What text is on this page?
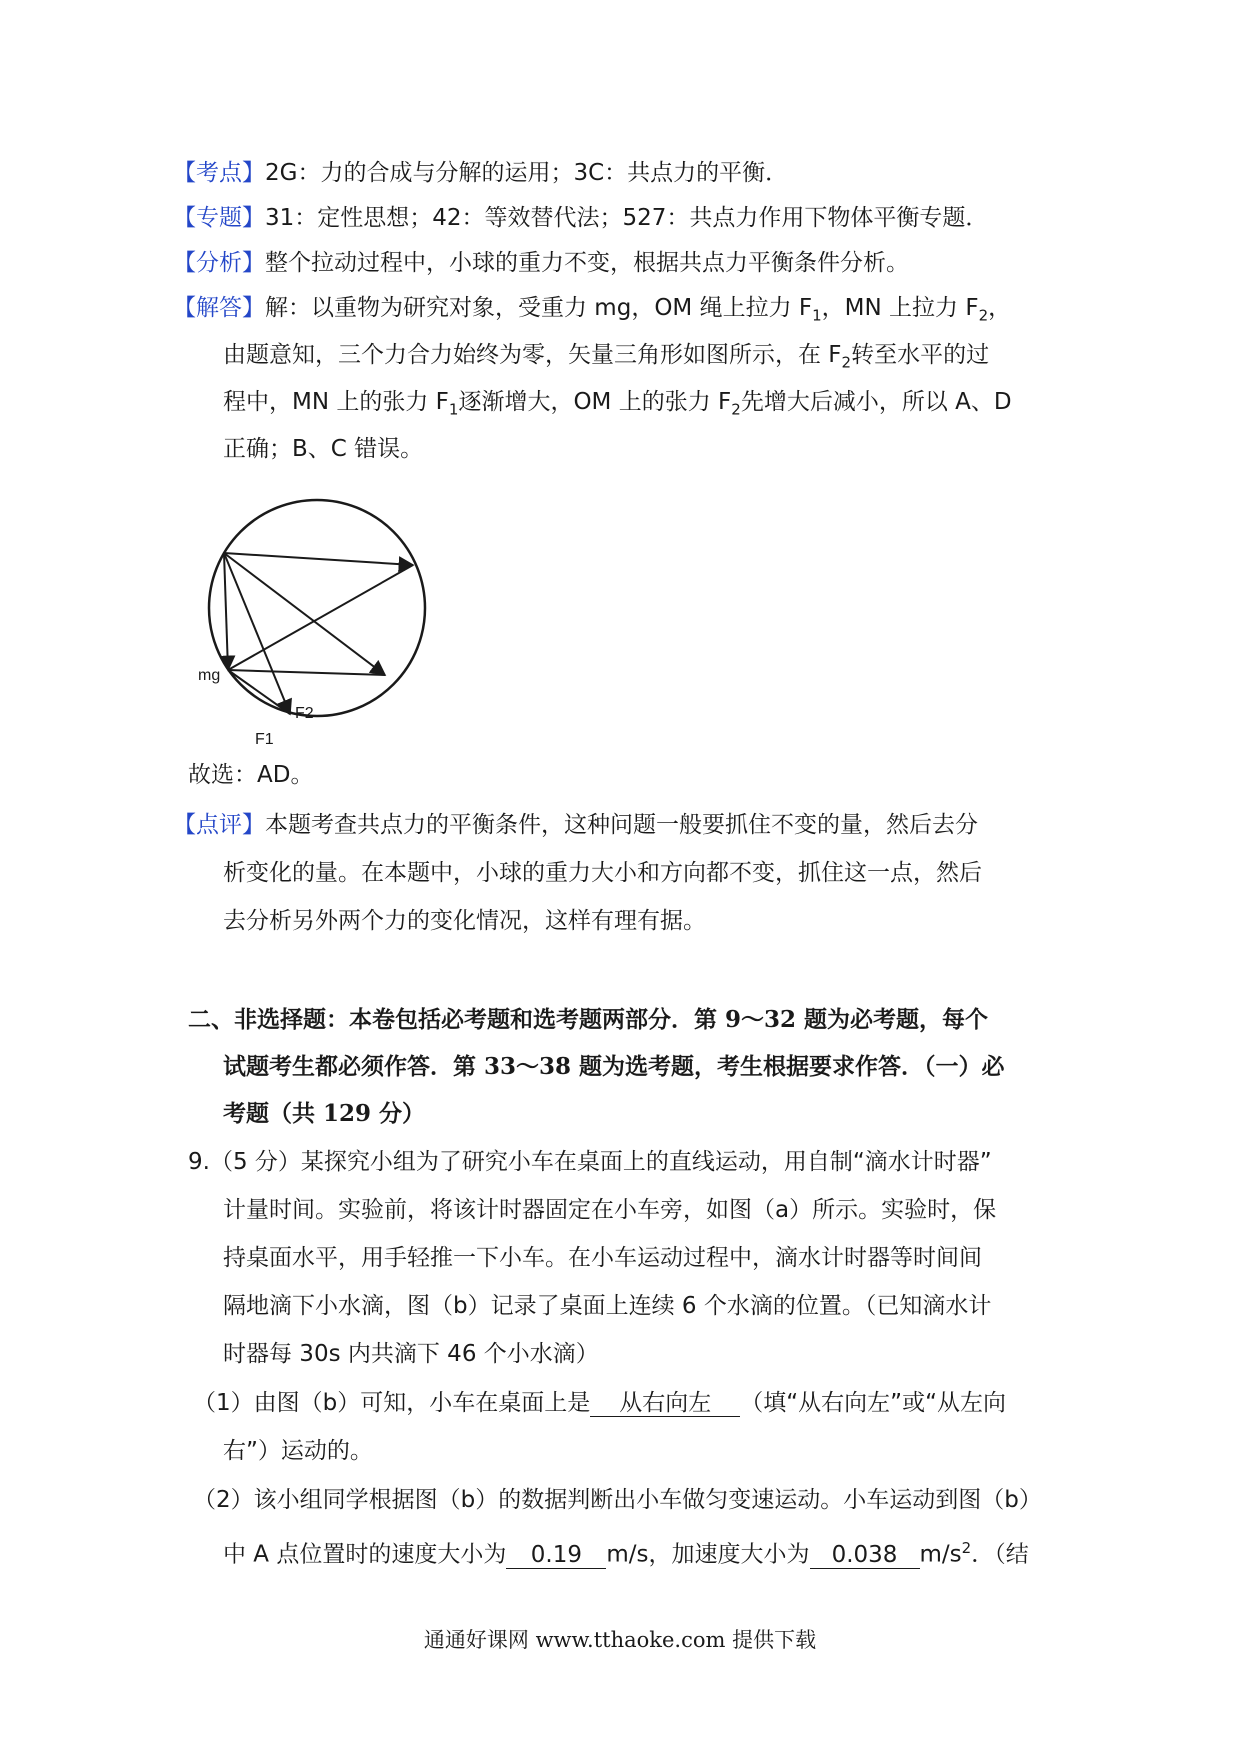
【考点】2G：力的合成与分解的运用；3C：共点力的平衡．
【专题】31：定性思想；42：等效替代法；527：共点力作用下物体平衡专题．
【分析】整个拉动过程中，小球的重力不变，根据共点力平衡条件分析。
【解答】解：以重物为研究对象，受重力 mg，OM 绳上拉力 $F_1$，MN 上拉力 $F_2$，
由题意知，三个力合力始终为零，矢量三角形如图所示，在 $F_2$转至水平的过
程中，MN 上的张力 $F_1$逐渐增大，OM 上的张力 $F_2$先增大后减小，所以 A、D
正确；B、C 错误。
mg
F2
F1
故选：AD。
【点评】本题考查共点力的平衡条件，这种问题一般要抓住不变的量，然后去分
析变化的量。在本题中，小球的重力大小和方向都不变，抓住这一点，然后
去分析另外两个力的变化情况，这样有理有据。
二、非选择题：本卷包括必考题和选考题两部分．第 9～32 题为必考题，每个
试题考生都必须作答．第 33～38 题为选考题，考生根据要求作答．（一）必
考题（共 129 分）
9.（5 分）某探究小组为了研究小车在桌面上的直线运动，用自制“滴水计时器”
计量时间。实验前，将该计时器固定在小车旁，如图（a）所示。实验时，保
持桌面水平，用手轻推一下小车。在小车运动过程中，滴水计时器等时间间
隔地滴下小水滴，图（b）记录了桌面上连续 6 个水滴的位置。（已知滴水计
时器每 30s 内共滴下 46 个小水滴）
（1）由图（b）可知，小车在桌面上是 从右向左 （填“从右向左”或“从左向
右”）运动的。
（2）该小组同学根据图（b）的数据判断出小车做匀变速运动。小车运动到图（b）
中 A 点位置时的速度大小为 0.19 m/s，加速度大小为 0.038 $m/s^2$．（结
通通好课网 www.tthaoke.com 提供下载
